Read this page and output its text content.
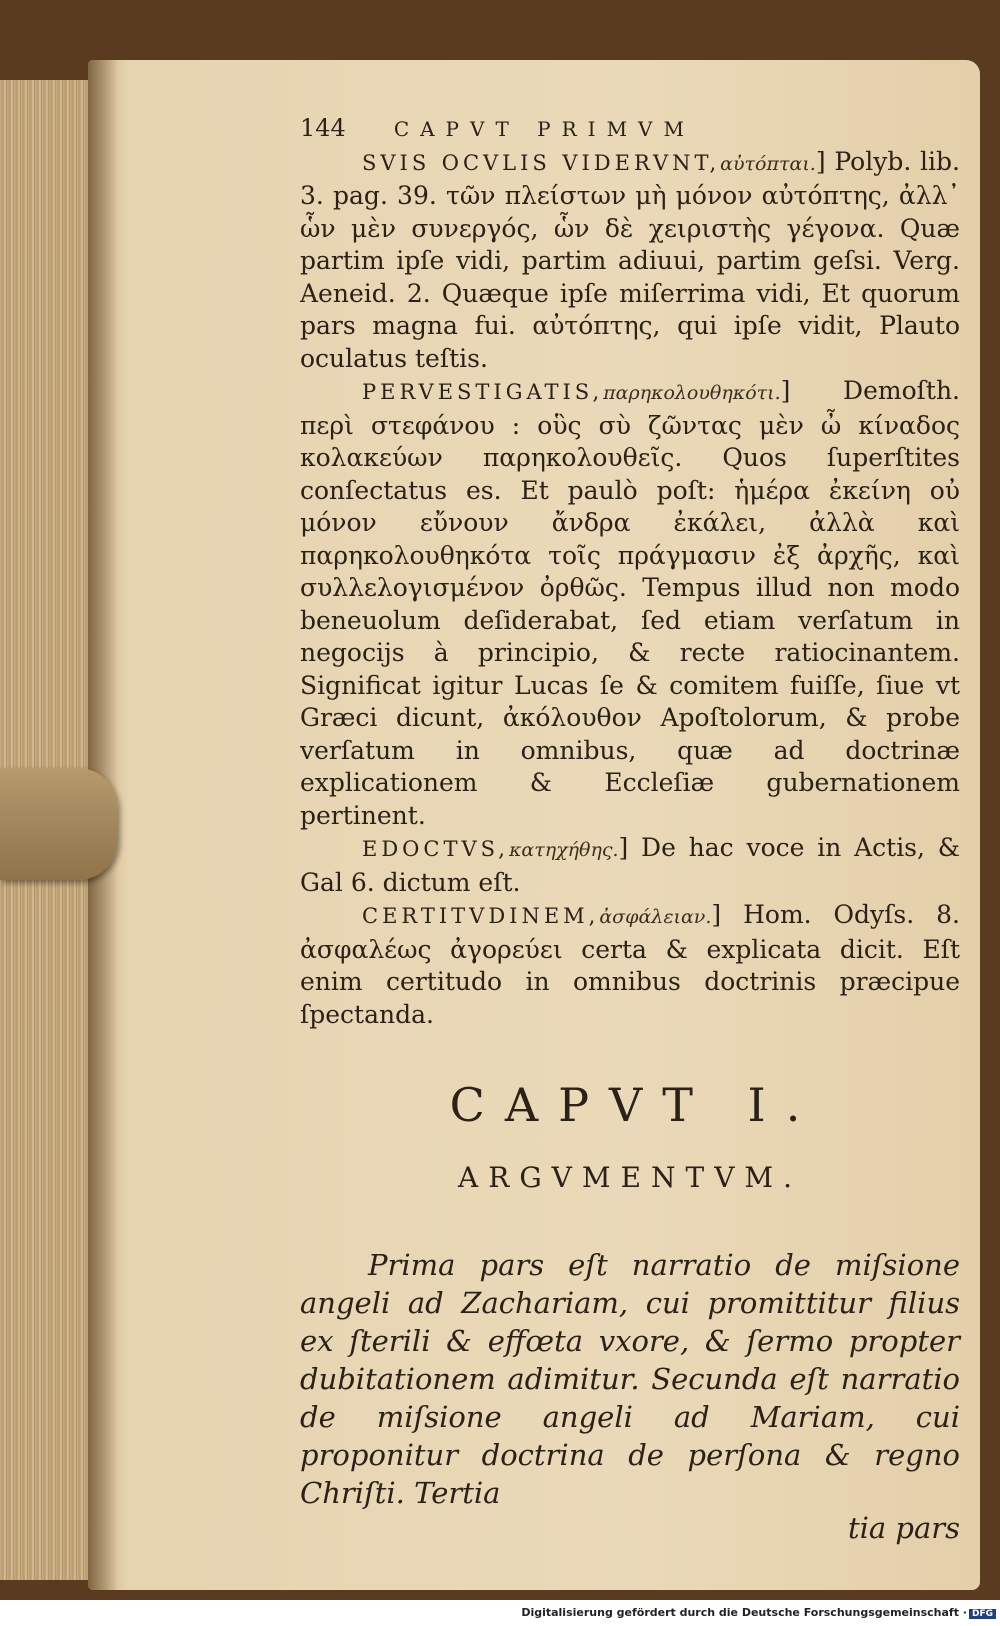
144 CAPVT PRIMVM

SVIS OCVLIS VIDERVNT,αὐτόπται.] Polyb. lib. 3. pag. 39. τῶν πλείστων μὴ μόνον αὐτόπτης, ἀλλ᾽ ὧν μὲν συνεργός, ὧν δὲ χειριστὴς γέγονα. Quæ partim ipſe vidi, partim adiuui, partim geſsi. Verg. Aeneid. 2. Quæque ipſe miſerrima vidi, Et quorum pars magna fui. αὐτόπτης, qui ipſe vidit, Plauto oculatus teſtis.

PERVESTIGATIS,παρηκολουθηκότι.] Demoſth. περὶ στεφάνου : οὓς σὺ ζῶντας μὲν ὦ κίναδος κολακεύων παρηκολουθεῖς. Quos ſuperſtites conſectatus es. Et paulò poſt: ἡμέρα ἐκείνη οὐ μόνον εὔνουν ἄνδρα ἐκάλει, ἀλλὰ καὶ παρηκολουθηκότα τοῖς πράγμασιν ἐξ ἀρχῆς, καὶ συλλελογισμένον ὀρθῶς. Tempus illud non modo beneuolum deſiderabat, ſed etiam verſatum in negocijs à principio, & recte ratiocinantem. Significat igitur Lucas ſe & comitem fuiſſe, ſiue vt Græci dicunt, ἀκόλουθον Apoſtolorum, & probe verſatum in omnibus, quæ ad doctrinæ explicationem & Eccleſiæ gubernationem pertinent.

EDOCTVS,κατηχήθης.] De hac voce in Actis, & Gal 6. dictum eſt.

CERTITVDINEM,ἀσφάλειαν.] Hom. Odyſs. 8. ἀσφαλέως ἀγορεύει certa & explicata dicit. Eſt enim certitudo in omnibus doctrinis præcipue ſpectanda.

CAPVT I.
ARGVMENTVM.

Prima pars eſt narratio de miſsione angeli ad Zachariam, cui promittitur filius ex ſterili & effœta vxore, & ſermo propter dubitationem adimitur. Secunda eſt narratio de miſsione angeli ad Mariam, cui proponitur doctrina de perſona & regno Chriſti. Tertia

tia pars
Digitalisierung gefördert durch die Deutsche Forschungsgemeinschaft · DFG
